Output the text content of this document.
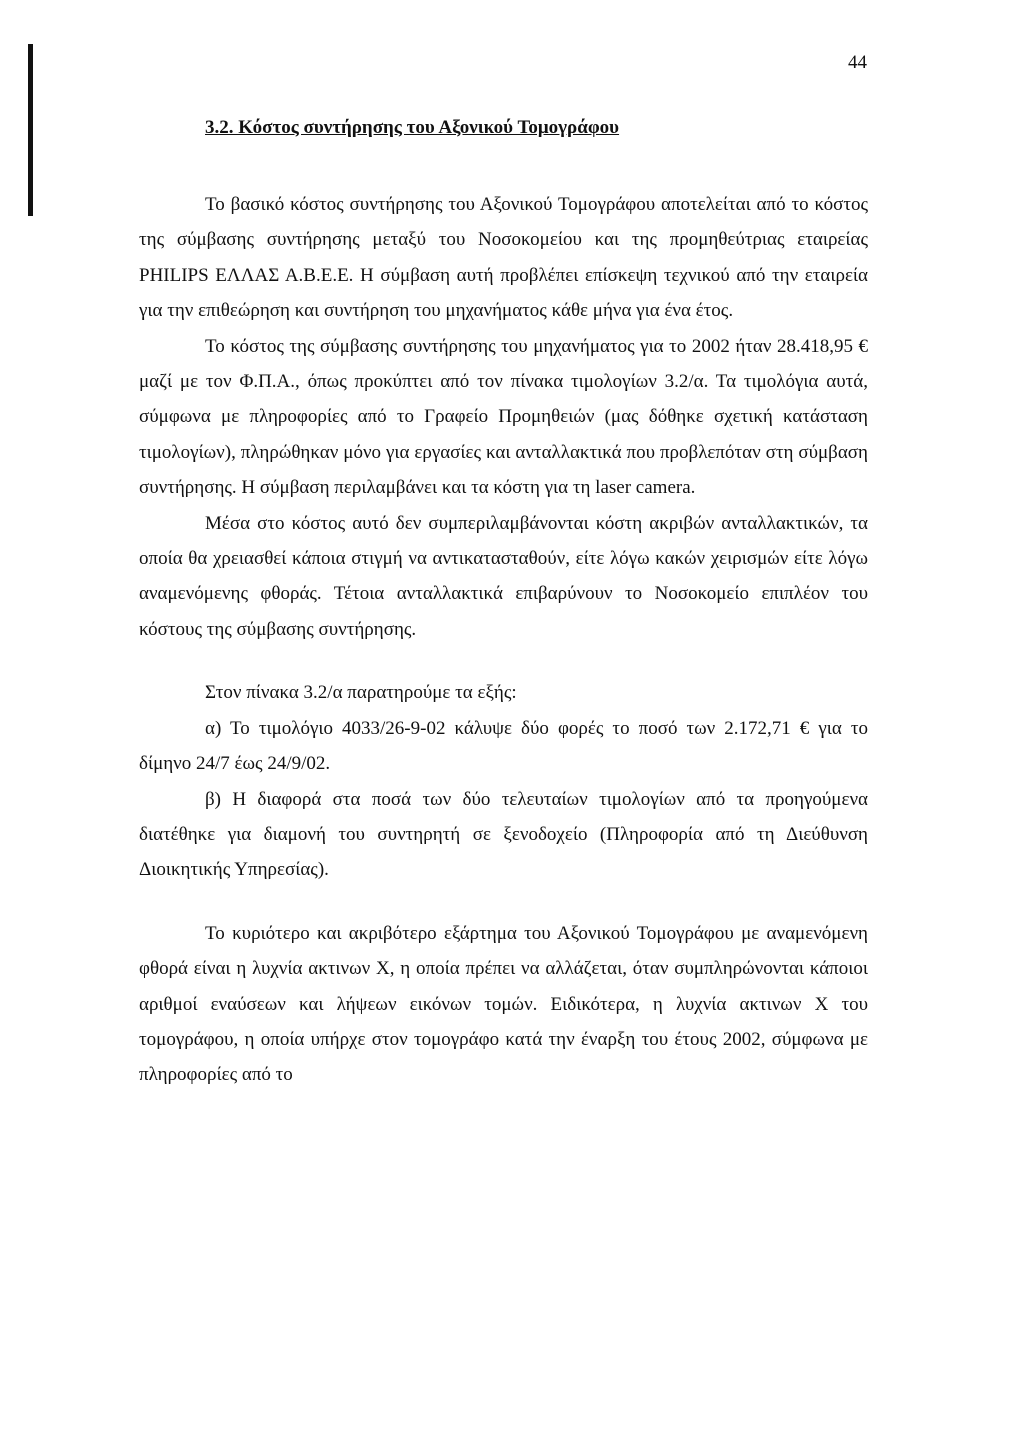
44
3.2. Κόστος συντήρησης του Αξονικού Τομογράφου

Το βασικό κόστος συντήρησης του Αξονικού Τομογράφου αποτελείται από το κόστος της σύμβασης συντήρησης μεταξύ του Νοσοκομείου και της προμηθεύτριας εταιρείας PHILIPS ΕΛΛΑΣ Α.Β.Ε.Ε. Η σύμβαση αυτή προβλέπει επίσκεψη τεχνικού από την εταιρεία για την επιθεώρηση και συντήρηση του μηχανήματος κάθε μήνα για ένα έτος.

Το κόστος της σύμβασης συντήρησης του μηχανήματος για το 2002 ήταν 28.418,95 € μαζί με τον Φ.Π.Α., όπως προκύπτει από τον πίνακα τιμολογίων 3.2/α. Τα τιμολόγια αυτά, σύμφωνα με πληροφορίες από το Γραφείο Προμηθειών (μας δόθηκε σχετική κατάσταση τιμολογίων), πληρώθηκαν μόνο για εργασίες και ανταλλακτικά που προβλεπόταν στη σύμβαση συντήρησης. Η σύμβαση περιλαμβάνει και τα κόστη για τη laser camera.

Μέσα στο κόστος αυτό δεν συμπεριλαμβάνονται κόστη ακριβών ανταλλακτικών, τα οποία θα χρειασθεί κάποια στιγμή να αντικατασταθούν, είτε λόγω κακών χειρισμών είτε λόγω αναμενόμενης φθοράς. Τέτοια ανταλλακτικά επιβαρύνουν το Νοσοκομείο επιπλέον του κόστους της σύμβασης συντήρησης.

Στον πίνακα 3.2/α παρατηρούμε τα εξής:

α) Το τιμολόγιο 4033/26-9-02 κάλυψε δύο φορές το ποσό των 2.172,71 € για το δίμηνο 24/7 έως 24/9/02.

β) Η διαφορά στα ποσά των δύο τελευταίων τιμολογίων από τα προηγούμενα διατέθηκε για διαμονή του συντηρητή σε ξενοδοχείο (Πληροφορία από τη Διεύθυνση Διοικητικής Υπηρεσίας).

Το κυριότερο και ακριβότερο εξάρτημα του Αξονικού Τομογράφου με αναμενόμενη φθορά είναι η λυχνία ακτινων Χ, η οποία πρέπει να αλλάζεται, όταν συμπληρώνονται κάποιοι αριθμοί εναύσεων και λήψεων εικόνων τομών. Ειδικότερα, η λυχνία ακτινων Χ του τομογράφου, η οποία υπήρχε στον τομογράφο κατά την έναρξη του έτους 2002, σύμφωνα με πληροφορίες από το
